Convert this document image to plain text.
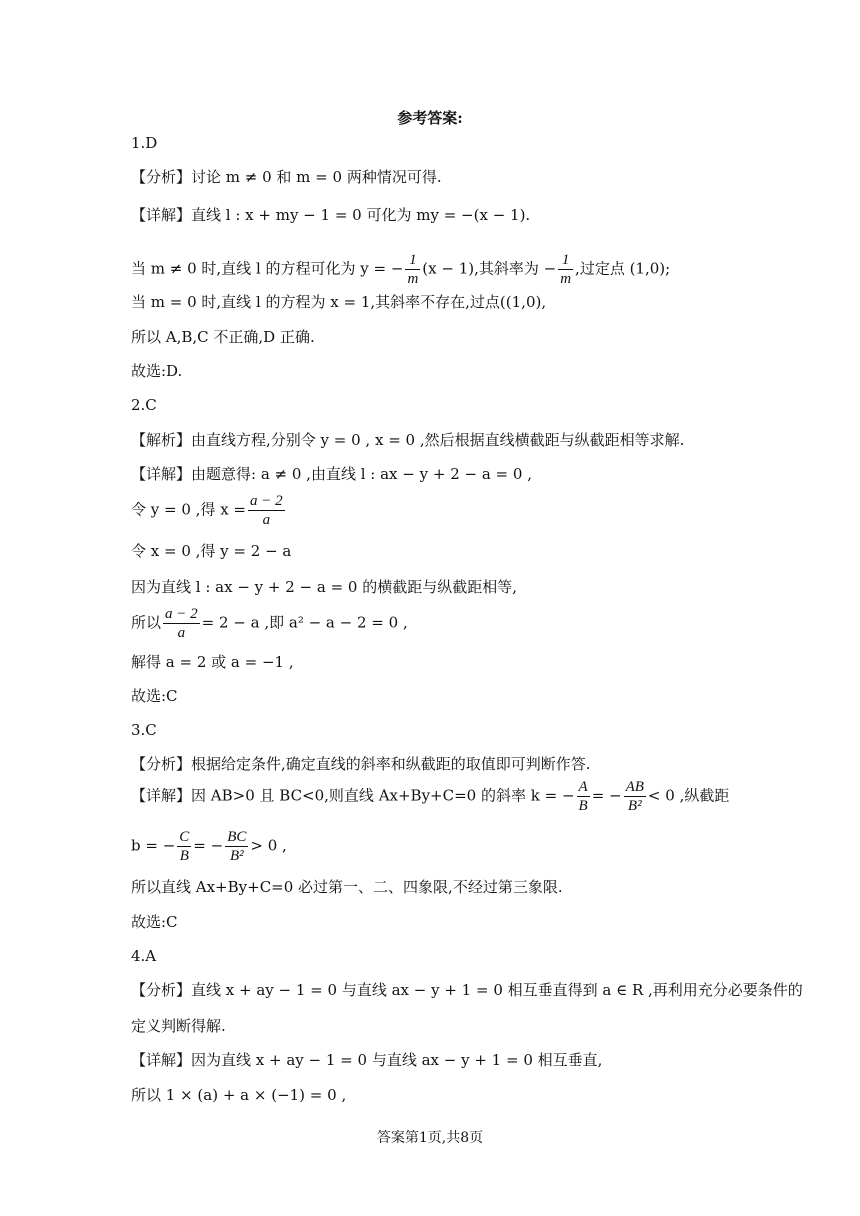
参考答案:
1.D
【分析】讨论 m ≠ 0 和 m = 0 两种情况可得.
【详解】直线 l : x + my − 1 = 0 可化为 my = −(x − 1).
当 m ≠ 0 时,直线 l 的方程可化为 y = − $\frac{1}{m} (x - 1)$,其斜率为 − $\frac{1}{m}$ ,过定点 (1,0);
当 m = 0 时,直线 l 的方程为 x = 1,其斜率不存在,过点((1,0),
所以 A,B,C 不正确,D 正确.
故选:D.
2.C
【解析】由直线方程,分别令 y = 0 , x = 0 ,然后根据直线横截距与纵截距相等求解.
【详解】由题意得: a ≠ 0 ,由直线 l : ax − y + 2 − a = 0 ,
令 y = 0 ,得 $x = \frac{a - 2}{a}$
令 x = 0 ,得 y = 2 − a
因为直线 l : ax − y + 2 − a = 0 的横截距与纵截距相等,
所以 $\frac{a - 2}{a} = 2 - a$ ,即 a² − a − 2 = 0 ,
解得 a = 2 或 a = −1 ,
故选:C
3.C
【分析】根据给定条件,确定直线的斜率和纵截距的取值即可判断作答.
【详解】因 AB>0 且 BC<0,则直线 Ax+By+C=0 的斜率 k = − $\frac{A}{B}$ = − $\frac{AB}{\text{B²}} < 0$ ,纵截距
b = − $\frac{C}{B}$ = − $\frac{BC}{\text{B²}} > 0$ ,
所以直线 Ax+By+C=0 必过第一、二、四象限,不经过第三象限.
故选:C
4.A
【分析】直线 x + ay − 1 = 0 与直线 ax − y + 1 = 0 相互垂直得到 a ∈ R ,再利用充分必要条件的
定义判断得解.
【详解】因为直线 x + ay − 1 = 0 与直线 ax − y + 1 = 0 相互垂直,
所以 1 × (a) + a × (−1) = 0 ,
答案第1页,共8页
